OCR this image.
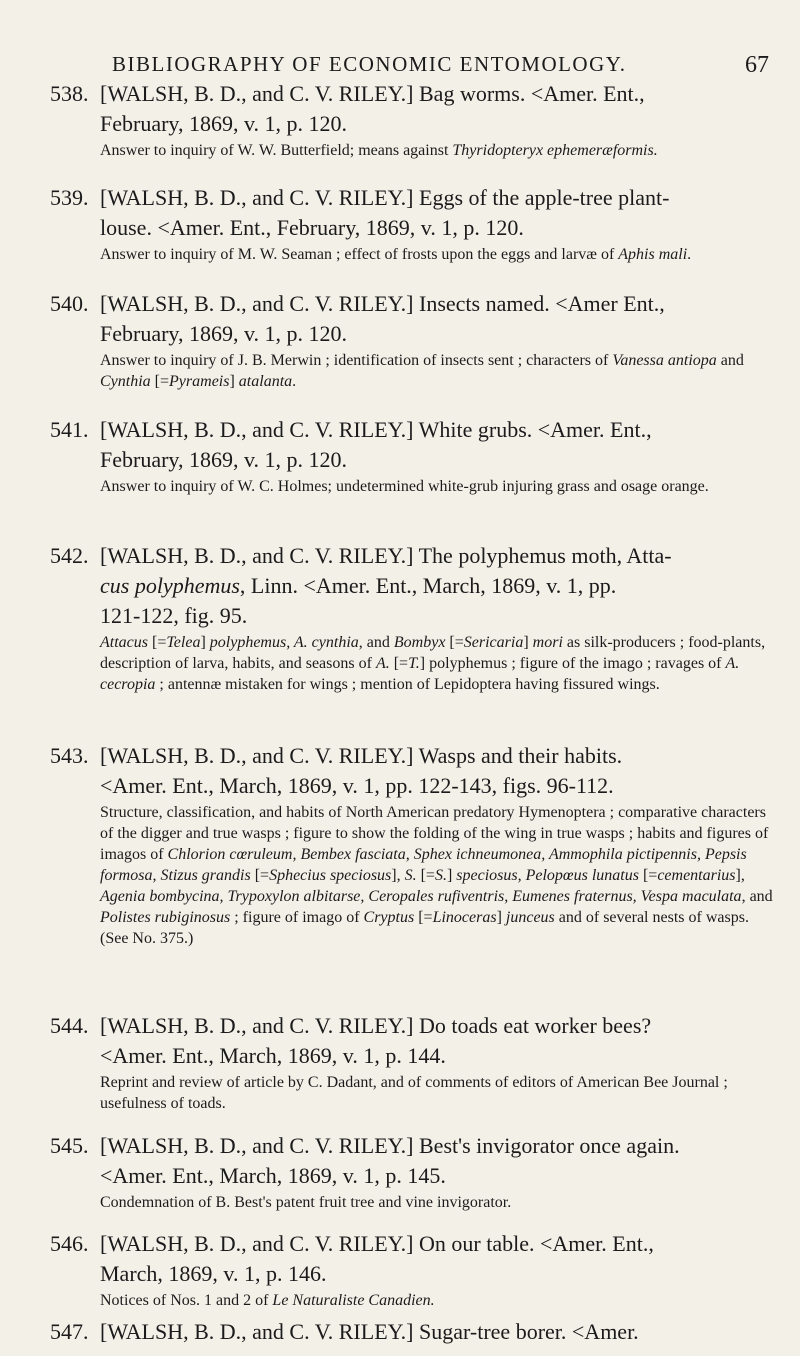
BIBLIOGRAPHY OF ECONOMIC ENTOMOLOGY.	67
538. [WALSH, B. D., and C. V. RILEY.] Bag worms. <Amer. Ent.,
February, 1869, v. 1, p. 120.
Answer to inquiry of W. W. Butterfield; means against Thyridopteryx ephemeræformis.
539. [WALSH, B. D., and C. V. RILEY.] Eggs of the apple-tree plant-
louse. <Amer. Ent., February, 1869, v. 1, p. 120.
Answer to inquiry of M. W. Seaman ; effect of frosts upon the eggs and larvæ of Aphis mali.
540. [WALSH, B. D., and C. V. RILEY.] Insects named. <Amer Ent.,
February, 1869, v. 1, p. 120.
Answer to inquiry of J. B. Merwin ; identification of insects sent ; characters of Vanessa antiopa and Cynthia [=Pyrameis] atalanta.
541. [WALSH, B. D., and C. V. RILEY.] White grubs. <Amer. Ent.,
February, 1869, v. 1, p. 120.
Answer to inquiry of W. C. Holmes; undetermined white-grub injuring grass and osage orange.
542. [WALSH, B. D., and C. V. RILEY.] The polyphemus moth, Atta-
cus polyphemus, Linn. <Amer. Ent., March, 1869, v. 1, pp.
121-122, fig. 95.
Attacus [=Telea] polyphemus, A. cynthia, and Bombyx [=Sericaria] mori as silk-producers ; food-plants, description of larva, habits, and seasons of A. [=T.] polyphemus ; figure of the imago ; ravages of A. cecropia ; antennæ mistaken for wings ; mention of Lepidoptera having fissured wings.
543. [WALSH, B. D., and C. V. RILEY.] Wasps and their habits.
<Amer. Ent., March, 1869, v. 1, pp. 122-143, figs. 96-112.
Structure, classification, and habits of North American predatory Hymenoptera ; comparative characters of the digger and true wasps ; figure to show the folding of the wing in true wasps ; habits and figures of imagos of Chlorion cœruleum, Bembex fasciata, Sphex ichneumonea, Ammophila pictipennis, Pepsis formosa, Stizus grandis [=Sphecius speciosus], S. [=S.] speciosus, Pelopœus lunatus [=cementarius], Agenia bombycina, Trypoxylon albitarse, Ceropales rufiventris, Eumenes fraternus, Vespa maculata, and Polistes rubiginosus ; figure of imago of Cryptus [=Linoceras] junceus and of several nests of wasps. (See No. 375.)
544. [WALSH, B. D., and C. V. RILEY.] Do toads eat worker bees?
<Amer. Ent., March, 1869, v. 1, p. 144.
Reprint and review of article by C. Dadant, and of comments of editors of American Bee Journal ; usefulness of toads.
545. [WALSH, B. D., and C. V. RILEY.] Best's invigorator once again.
<Amer. Ent., March, 1869, v. 1, p. 145.
Condemnation of B. Best's patent fruit tree and vine invigorator.
546. [WALSH, B. D., and C. V. RILEY.] On our table. <Amer. Ent.,
March, 1869, v. 1, p. 146.
Notices of Nos. 1 and 2 of Le Naturaliste Canadien.
547. [WALSH, B. D., and C. V. RILEY.] Sugar-tree borer. <Amer.
